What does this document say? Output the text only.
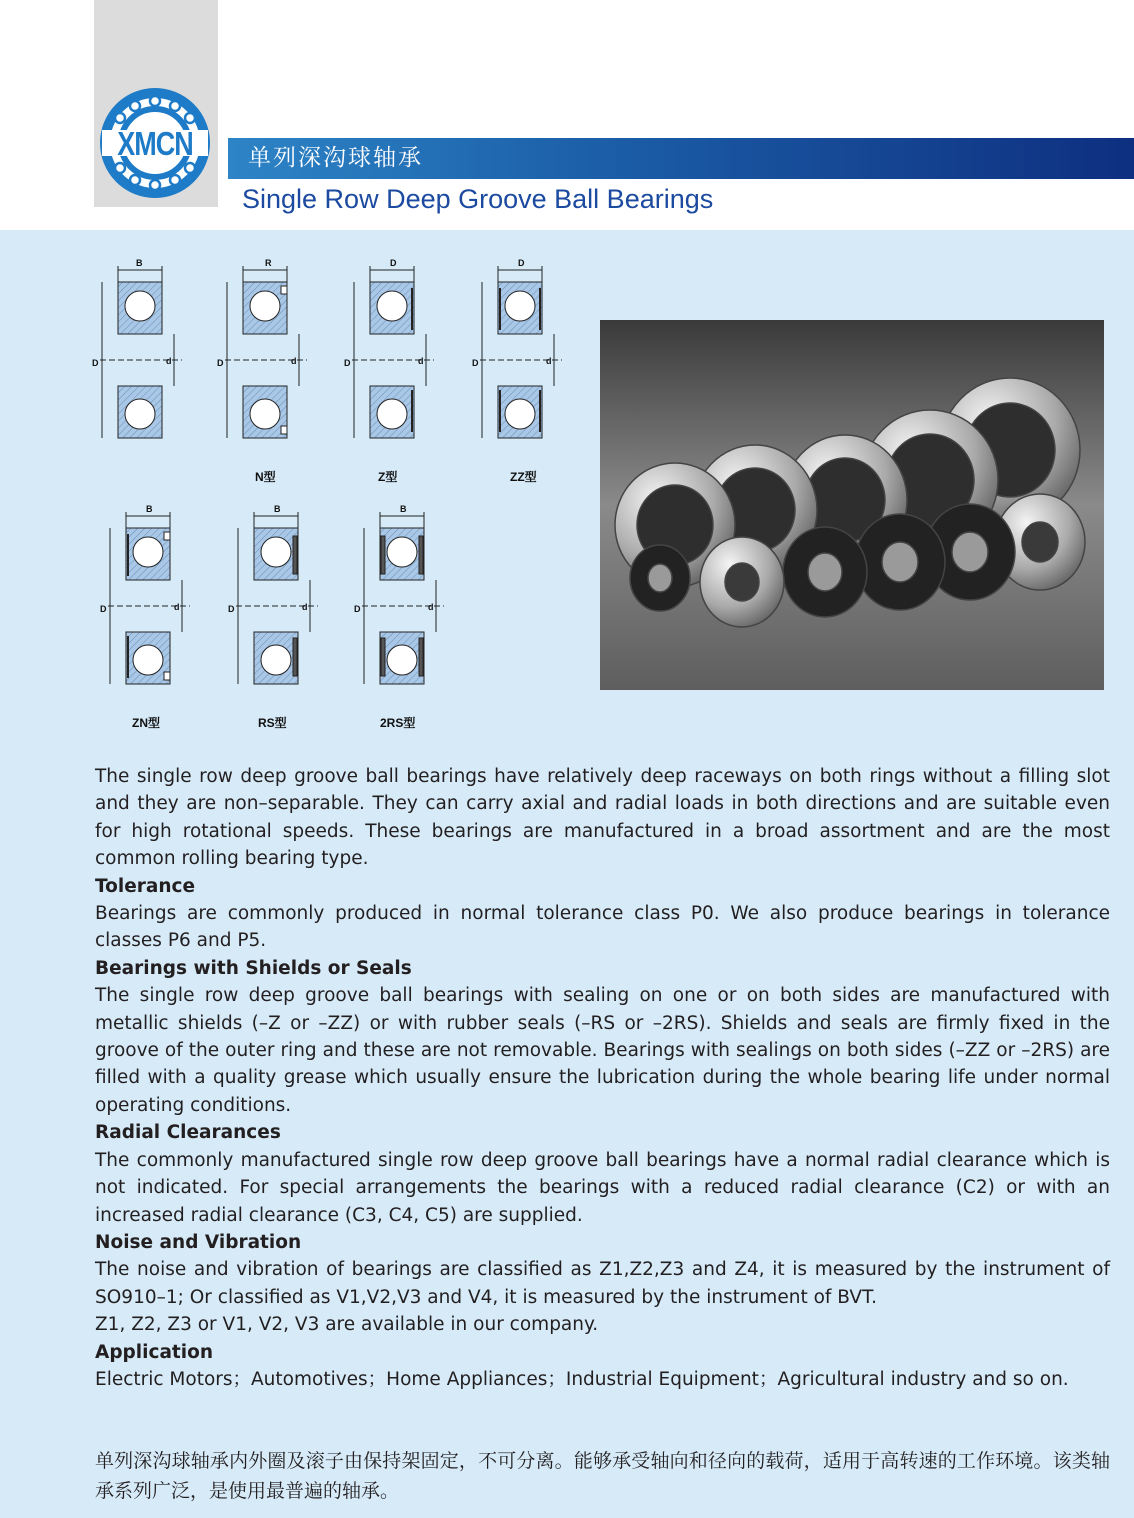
XMCN	单列深沟球轴承
Single Row Deep Groove Ball Bearings
B
D	d
R
D	d
N型
D
D	d
Z型
D
D	d
ZZ型
B
D	d
ZN型
B
D	d
RS型
B
D	d
2RS型

The single row deep groove ball bearings have relatively deep raceways on both rings without a filling slot and they are non–separable. They can carry axial and radial loads in both directions and are suitable even for high rotational speeds. These bearings are manufactured in a broad assortment and are the most common rolling bearing type.

Tolerance

Bearings are commonly produced in normal tolerance class P0. We also produce bearings in tolerance classes P6 and P5.

Bearings with Shields or Seals

The single row deep groove ball bearings with sealing on one or on both sides are manufactured with metallic shields (–Z or –ZZ) or with rubber seals (–RS or –2RS). Shields and seals are firmly fixed in the groove of the outer ring and these are not removable. Bearings with sealings on both sides (–ZZ or –2RS) are filled with a quality grease which usually ensure the lubrication during the whole bearing life under normal operating conditions.

Radial Clearances

The commonly manufactured single row deep groove ball bearings have a normal radial clearance which is not indicated. For special arrangements the bearings with a reduced radial clearance (C2) or with an increased radial clearance (C3, C4, C5) are supplied.

Noise and Vibration

The noise and vibration of bearings are classified as Z1,Z2,Z3 and Z4, it is measured by the instrument of SO910–1; Or classified as V1,V2,V3 and V4, it is measured by the instrument of BVT.

Z1, Z2, Z3 or V1, V2, V3 are available in our company.

Application

Electric Motors；Automotives；Home Appliances；Industrial Equipment；Agricultural industry and so on.

单列深沟球轴承内外圈及滚子由保持架固定，不可分离。能够承受轴向和径向的载荷，适用于高转速的工作环境。该类轴承系列广泛，是使用最普遍的轴承。
